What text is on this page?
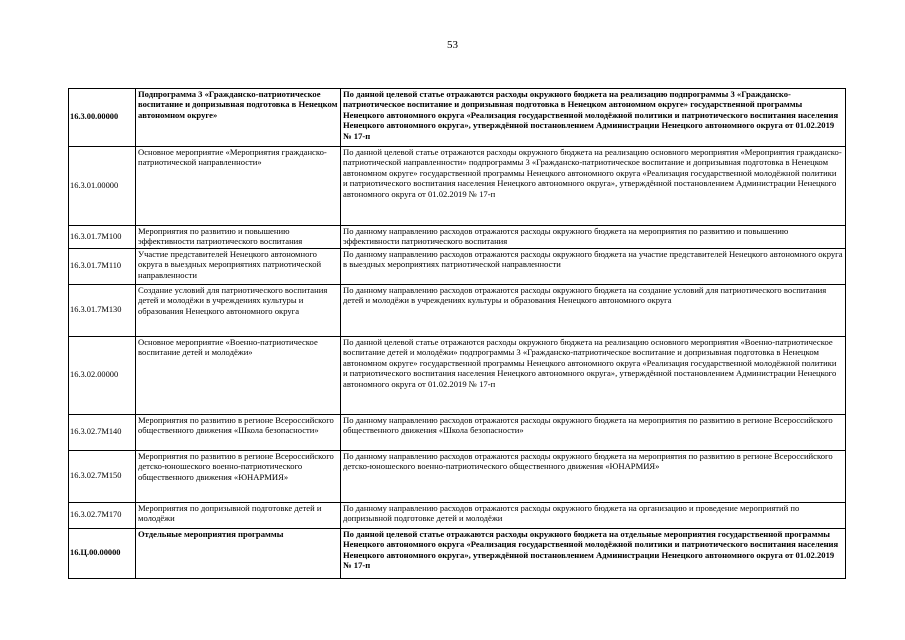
53
16.3.00.00000	Подпрограмма 3 «Гражданско-патриотическое воспитание и допризывная подготовка в Ненецком автономном округе»	По данной целевой статье отражаются расходы окружного бюджета на реализацию подпрограммы 3 «Гражданско-патриотическое воспитание и допризывная подготовка в Ненецком автономном округе» государственной программы Ненецкого автономного округа «Реализация государственной молодёжной политики и патриотического воспитания населения Ненецкого автономного округа», утверждённой постановлением Администрации Ненецкого автономного округа от 01.02.2019 № 17-п
16.3.01.00000	Основное мероприятие «Мероприятия гражданско-патриотической направленности»	По данной целевой статье отражаются расходы окружного бюджета на реализацию основного мероприятия «Мероприятия гражданско-патриотической направленности» подпрограммы 3 «Гражданско-патриотическое воспитание и допризывная подготовка в Ненецком автономном округе» государственной программы Ненецкого автономного округа «Реализация государственной молодёжной политики и патриотического воспитания населения Ненецкого автономного округа», утверждённой постановлением Администрации Ненецкого автономного округа от 01.02.2019 № 17-п
16.3.01.7М100	Мероприятия по развитию и повышению эффективности патриотического воспитания	По данному направлению расходов отражаются расходы окружного бюджета на мероприятия по развитию и повышению эффективности патриотического воспитания
16.3.01.7М110	Участие представителей Ненецкого автономного округа в выездных мероприятиях патриотической направленности	По данному направлению расходов отражаются расходы окружного бюджета на участие представителей Ненецкого автономного округа в выездных мероприятиях патриотической направленности
16.3.01.7М130	Создание условий для патриотического воспитания детей и молодёжи в учреждениях культуры и образования Ненецкого автономного округа	По данному направлению расходов отражаются расходы окружного бюджета на создание условий для патриотического воспитания детей и молодёжи в учреждениях культуры и образования Ненецкого автономного округа
16.3.02.00000	Основное мероприятие «Военно-патриотическое воспитание детей и молодёжи»	По данной целевой статье отражаются расходы окружного бюджета на реализацию основного мероприятия «Военно-патриотическое воспитание детей и молодёжи» подпрограммы 3 «Гражданско-патриотическое воспитание и допризывная подготовка в Ненецком автономном округе» государственной программы Ненецкого автономного округа «Реализация государственной молодёжной политики и патриотического воспитания населения Ненецкого автономного округа», утверждённой постановлением Администрации Ненецкого автономного округа от 01.02.2019 № 17-п
16.3.02.7М140	Мероприятия по развитию в регионе Всероссийского общественного движения «Школа безопасности»	По данному направлению расходов отражаются расходы окружного бюджета на мероприятия по развитию в регионе Всероссийского общественного движения «Школа безопасности»
16.3.02.7М150	Мероприятия по развитию в регионе Всероссийского детско-юношеского военно-патриотического общественного движения «ЮНАРМИЯ»	По данному направлению расходов отражаются расходы окружного бюджета на мероприятия по развитию в регионе Всероссийского детско-юношеского военно-патриотического общественного движения «ЮНАРМИЯ»
16.3.02.7М170	Мероприятия по допризывной подготовке детей и молодёжи	По данному направлению расходов отражаются расходы окружного бюджета на организацию и проведение мероприятий по допризывной подготовке детей и молодёжи
16.Ц.00.00000	Отдельные мероприятия программы	По данной целевой статье отражаются расходы окружного бюджета на отдельные мероприятия государственной программы Ненецкого автономного округа «Реализация государственной молодёжной политики и патриотического воспитания населения Ненецкого автономного округа», утверждённой постановлением Администрации Ненецкого автономного округа от 01.02.2019 № 17-п
